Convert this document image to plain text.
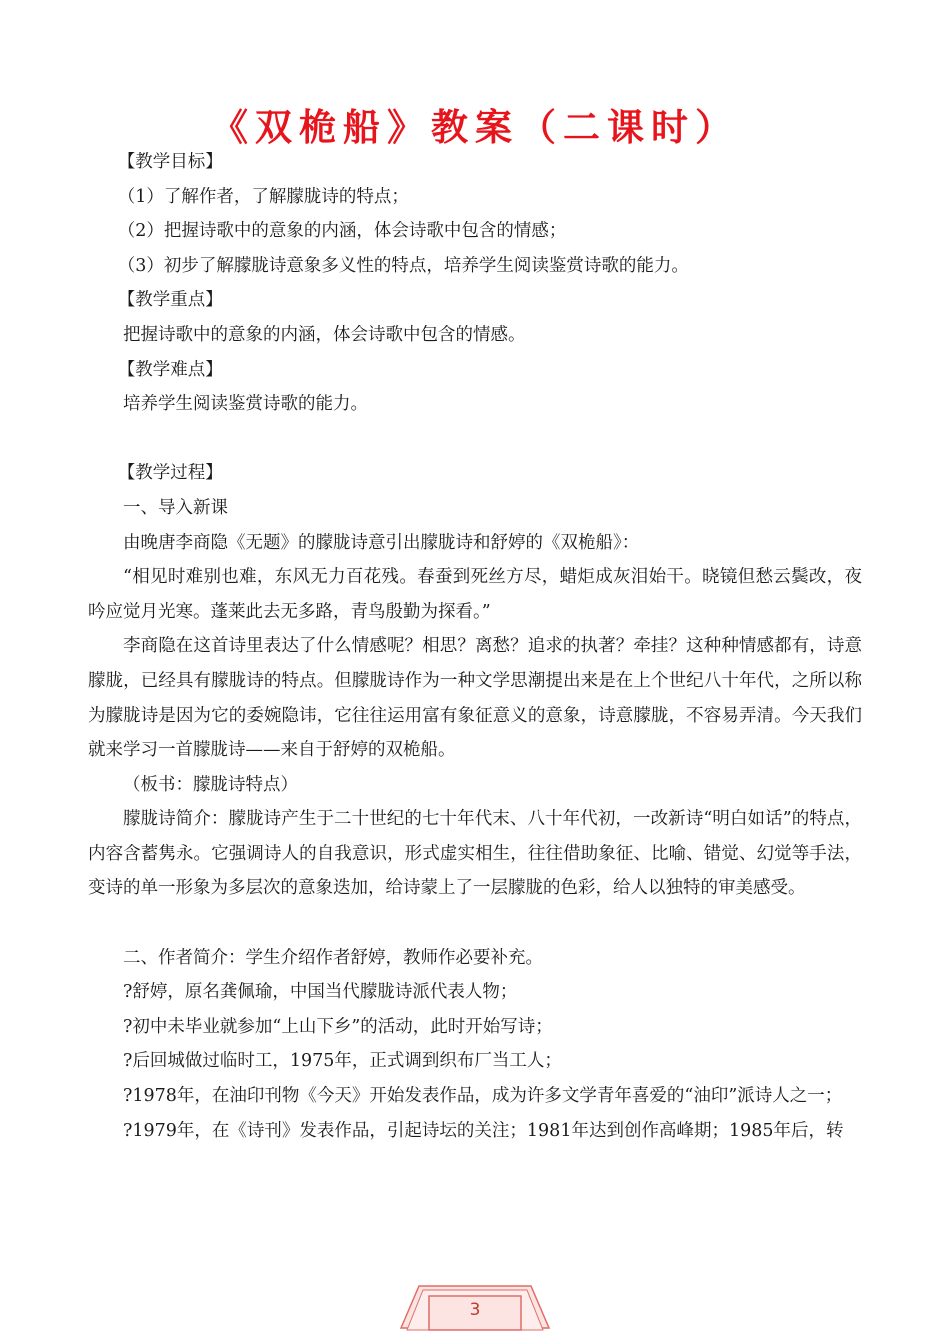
《双桅船》教案（二课时）

【教学目标】

（1）了解作者，了解朦胧诗的特点；

（2）把握诗歌中的意象的内涵，体会诗歌中包含的情感；

（3）初步了解朦胧诗意象多义性的特点，培养学生阅读鉴赏诗歌的能力。

【教学重点】

把握诗歌中的意象的内涵，体会诗歌中包含的情感。

【教学难点】

培养学生阅读鉴赏诗歌的能力。

【教学过程】

一、导入新课

由晚唐李商隐《无题》的朦胧诗意引出朦胧诗和舒婷的《双桅船》：

“相见时难别也难，东风无力百花残。春蚕到死丝方尽，蜡炬成灰泪始干。晓镜但愁云鬓改，夜吟应觉月光寒。蓬莱此去无多路，青鸟殷勤为探看。”

李商隐在这首诗里表达了什么情感呢？相思？离愁？追求的执著？牵挂？这种种情感都有，诗意朦胧，已经具有朦胧诗的特点。但朦胧诗作为一种文学思潮提出来是在上个世纪八十年代，之所以称为朦胧诗是因为它的委婉隐讳，它往往运用富有象征意义的意象，诗意朦胧，不容易弄清。今天我们就来学习一首朦胧诗——来自于舒婷的双桅船。

（板书：朦胧诗特点）

朦胧诗简介：朦胧诗产生于二十世纪的七十年代末、八十年代初，一改新诗“明白如话”的特点，内容含蓄隽永。它强调诗人的自我意识，形式虚实相生，往往借助象征、比喻、错觉、幻觉等手法，变诗的单一形象为多层次的意象迭加，给诗蒙上了一层朦胧的色彩，给人以独特的审美感受。

二、作者简介：学生介绍作者舒婷，教师作必要补充。

?舒婷，原名龚佩瑜，中国当代朦胧诗派代表人物；

?初中未毕业就参加“上山下乡”的活动，此时开始写诗；

?后回城做过临时工，1975年，正式调到织布厂当工人；

?1978年，在油印刊物《今天》开始发表作品，成为许多文学青年喜爱的“油印”派诗人之一；

?1979年，在《诗刊》发表作品，引起诗坛的关注；1981年达到创作高峰期；1985年后，转

3
